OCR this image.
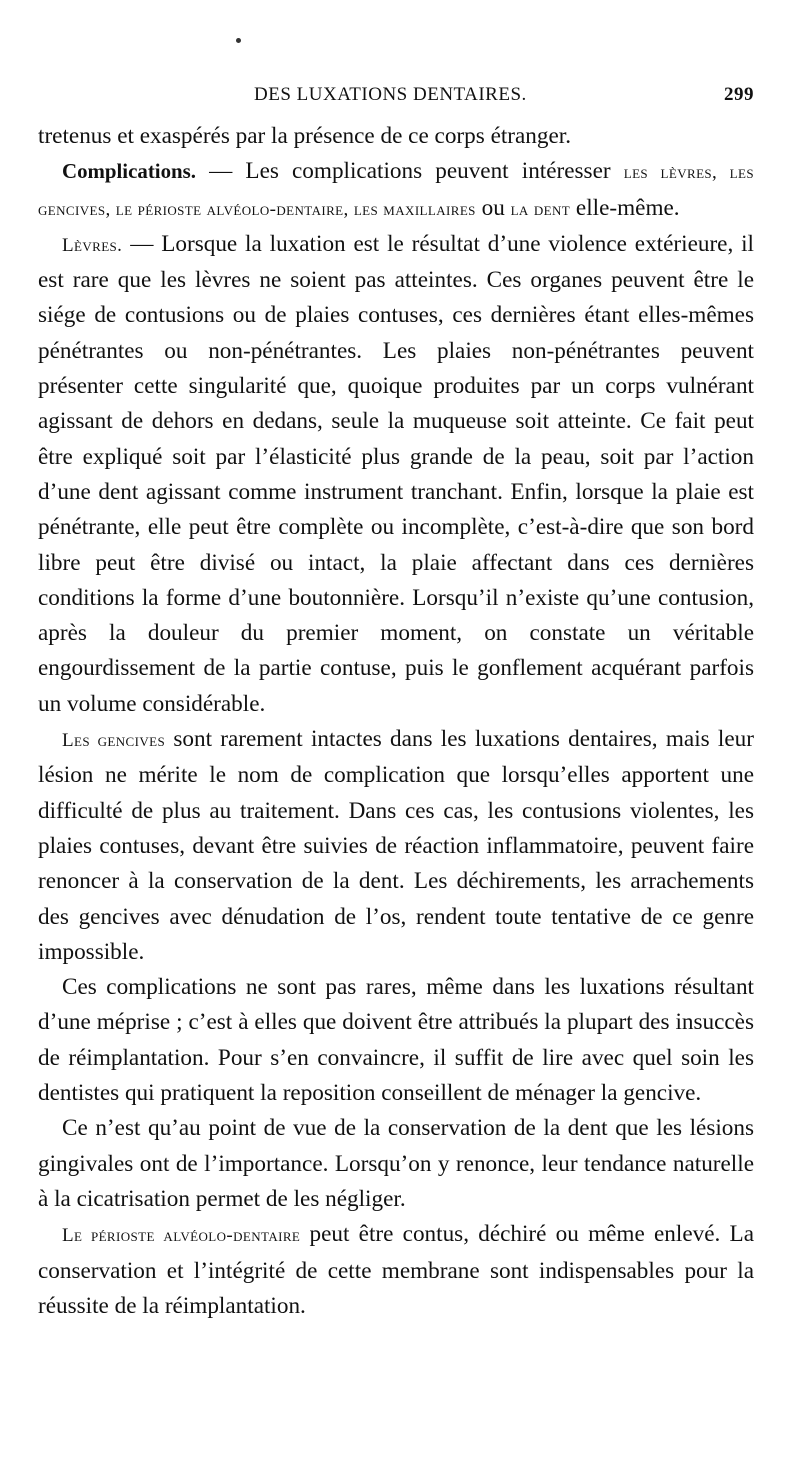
DES LUXATIONS DENTAIRES.	299

tretenus et exaspérés par la présence de ce corps étranger.

Complications. — Les complications peuvent intéresser les lèvres, les gencives, le périoste alvéolo-dentaire, les maxillaires ou la dent elle-même.

Lèvres. — Lorsque la luxation est le résultat d’une violence extérieure, il est rare que les lèvres ne soient pas atteintes. Ces organes peuvent être le siége de contusions ou de plaies contuses, ces dernières étant elles-mêmes pénétrantes ou non-pénétrantes. Les plaies non-pénétrantes peuvent présenter cette singularité que, quoique produites par un corps vulnérant agissant de dehors en dedans, seule la muqueuse soit atteinte. Ce fait peut être expliqué soit par l’élasticité plus grande de la peau, soit par l’action d’une dent agissant comme instrument tranchant. Enfin, lorsque la plaie est pénétrante, elle peut être complète ou incomplète, c’est-à-dire que son bord libre peut être divisé ou intact, la plaie affectant dans ces dernières conditions la forme d’une boutonnière. Lorsqu’il n’existe qu’une contusion, après la douleur du premier moment, on constate un véritable engourdissement de la partie contuse, puis le gonflement acquérant parfois un volume considérable.

Les gencives sont rarement intactes dans les luxations dentaires, mais leur lésion ne mérite le nom de complication que lorsqu’elles apportent une difficulté de plus au traitement. Dans ces cas, les contusions violentes, les plaies contuses, devant être suivies de réaction inflammatoire, peuvent faire renoncer à la conservation de la dent. Les déchirements, les arrachements des gencives avec dénudation de l’os, rendent toute tentative de ce genre impossible.

Ces complications ne sont pas rares, même dans les luxations résultant d’une méprise ; c’est à elles que doivent être attribués la plupart des insuccès de réimplantation. Pour s’en convaincre, il suffit de lire avec quel soin les dentistes qui pratiquent la reposition conseillent de ménager la gencive.

Ce n’est qu’au point de vue de la conservation de la dent que les lésions gingivales ont de l’importance. Lorsqu’on y renonce, leur tendance naturelle à la cicatrisation permet de les négliger.

Le périoste alvéolo-dentaire peut être contus, déchiré ou même enlevé. La conservation et l’intégrité de cette membrane sont indispensables pour la réussite de la réimplantation.
